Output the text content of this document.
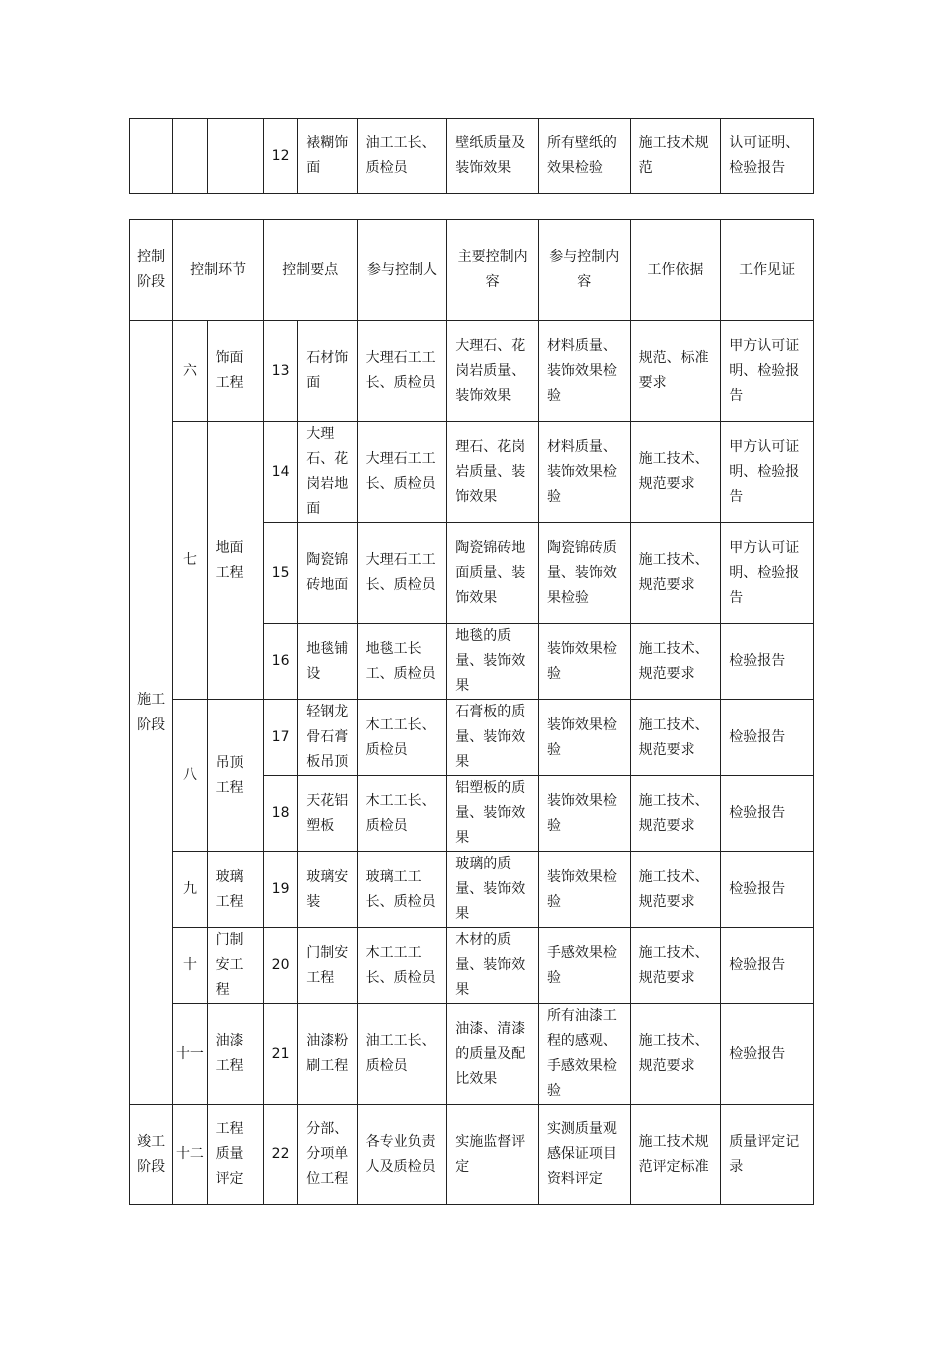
			12	裱糊饰面	油工工长、质检员	壁纸质量及装饰效果	所有壁纸的效果检验	施工技术规范	认可证明、检验报告
控制阶段	控制环节		控制要点		参与控制人	主要控制内容	参与控制内容	工作依据	工作见证
施工阶段	六	饰面工程	13	石材饰面	大理石工工长、质检员	大理石、花岗岩质量、装饰效果	材料质量、装饰效果检验	规范、标准要求	甲方认可证明、检验报告
	七	地面工程	14	大理石、花岗岩地面	大理石工工长、质检员	理石、花岗岩质量、装饰效果	材料质量、装饰效果检验	施工技术、规范要求	甲方认可证明、检验报告
			15	陶瓷锦砖地面	大理石工工长、质检员	陶瓷锦砖地面质量、装饰效果	陶瓷锦砖质量、装饰效果检验	施工技术、规范要求	甲方认可证明、检验报告
			16	地毯铺设	地毯工长工、质检员	地毯的质量、装饰效果	装饰效果检验	施工技术、规范要求	检验报告
	八	吊顶工程	17	轻钢龙骨石膏板吊顶	木工工长、质检员	石膏板的质量、装饰效果	装饰效果检验	施工技术、规范要求	检验报告
			18	天花铝塑板	木工工长、质检员	铝塑板的质量、装饰效果	装饰效果检验	施工技术、规范要求	检验报告
	九	玻璃工程	19	玻璃安装	玻璃工工长、质检员	玻璃的质量、装饰效果	装饰效果检验	施工技术、规范要求	检验报告
	十	门制安工程	20	门制安工程	木工工工长、质检员	木材的质量、装饰效果	手感效果检验	施工技术、规范要求	检验报告
	十一	油漆工程	21	油漆粉刷工程	油工工长、质检员	油漆、清漆的质量及配比效果	所有油漆工程的感观、手感效果检验	施工技术、规范要求	检验报告
竣工阶段	十二	工程质量评定	22	分部、分项单位工程	各专业负责人及质检员	实施监督评定	实测质量观感保证项目资料评定	施工技术规范评定标准	质量评定记录
